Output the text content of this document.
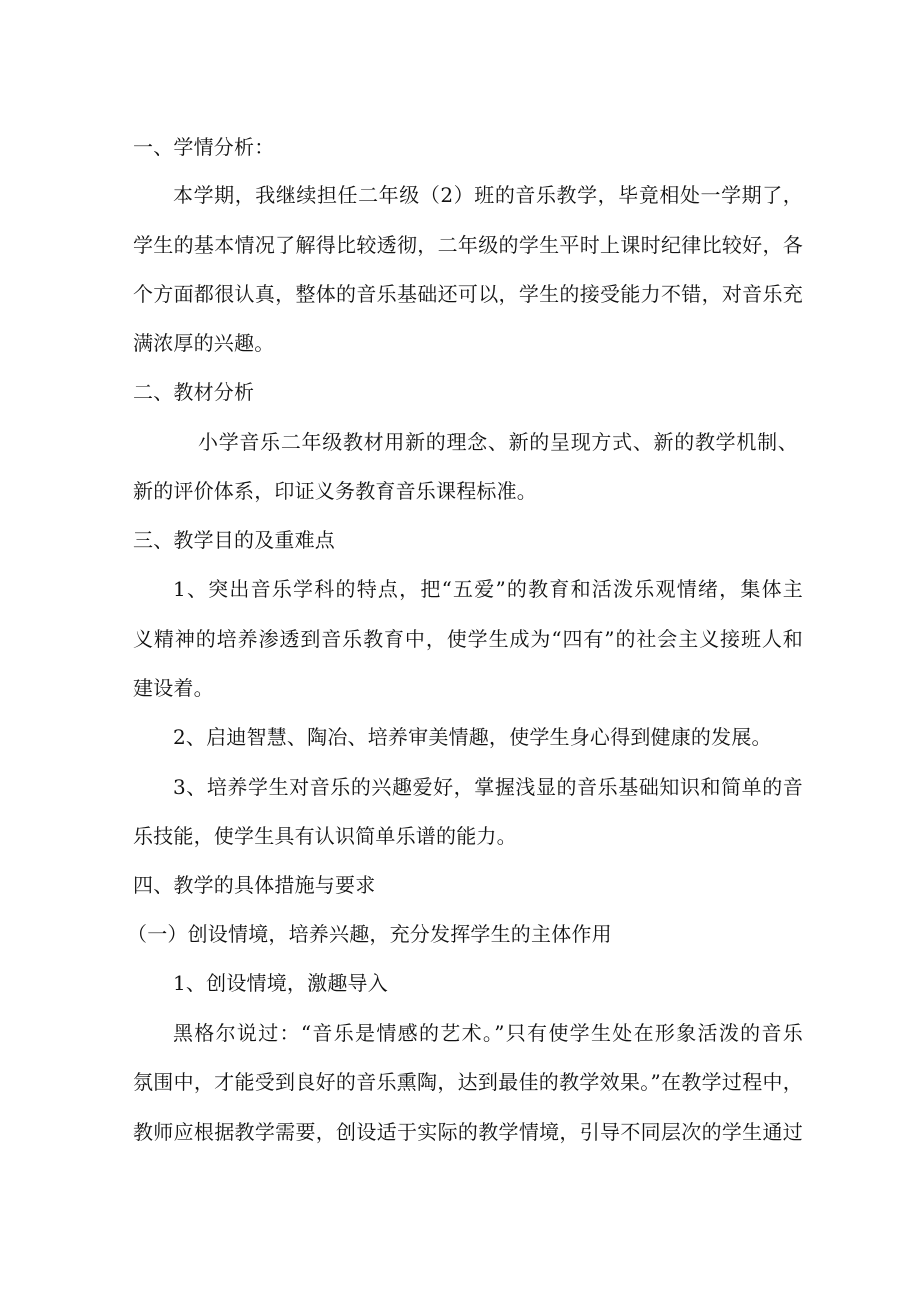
一、学情分析：
本学期，我继续担任二年级（2）班的音乐教学，毕竟相处一学期了，
学生的基本情况了解得比较透彻，二年级的学生平时上课时纪律比较好，各
个方面都很认真，整体的音乐基础还可以，学生的接受能力不错，对音乐充
满浓厚的兴趣。
二、教材分析
小学音乐二年级教材用新的理念、新的呈现方式、新的教学机制、
新的评价体系，印证义务教育音乐课程标准。
三、教学目的及重难点
1、突出音乐学科的特点，把“五爱”的教育和活泼乐观情绪，集体主
义精神的培养渗透到音乐教育中，使学生成为“四有”的社会主义接班人和
建设着。
2、启迪智慧、陶冶、培养审美情趣，使学生身心得到健康的发展。
3、培养学生对音乐的兴趣爱好，掌握浅显的音乐基础知识和简单的音
乐技能，使学生具有认识简单乐谱的能力。
四、教学的具体措施与要求
（一）创设情境，培养兴趣，充分发挥学生的主体作用
1、创设情境，激趣导入
黑格尔说过：“音乐是情感的艺术。”只有使学生处在形象活泼的音乐
氛围中，才能受到良好的音乐熏陶，达到最佳的教学效果。”在教学过程中，
教师应根据教学需要，创设适于实际的教学情境，引导不同层次的学生通过
